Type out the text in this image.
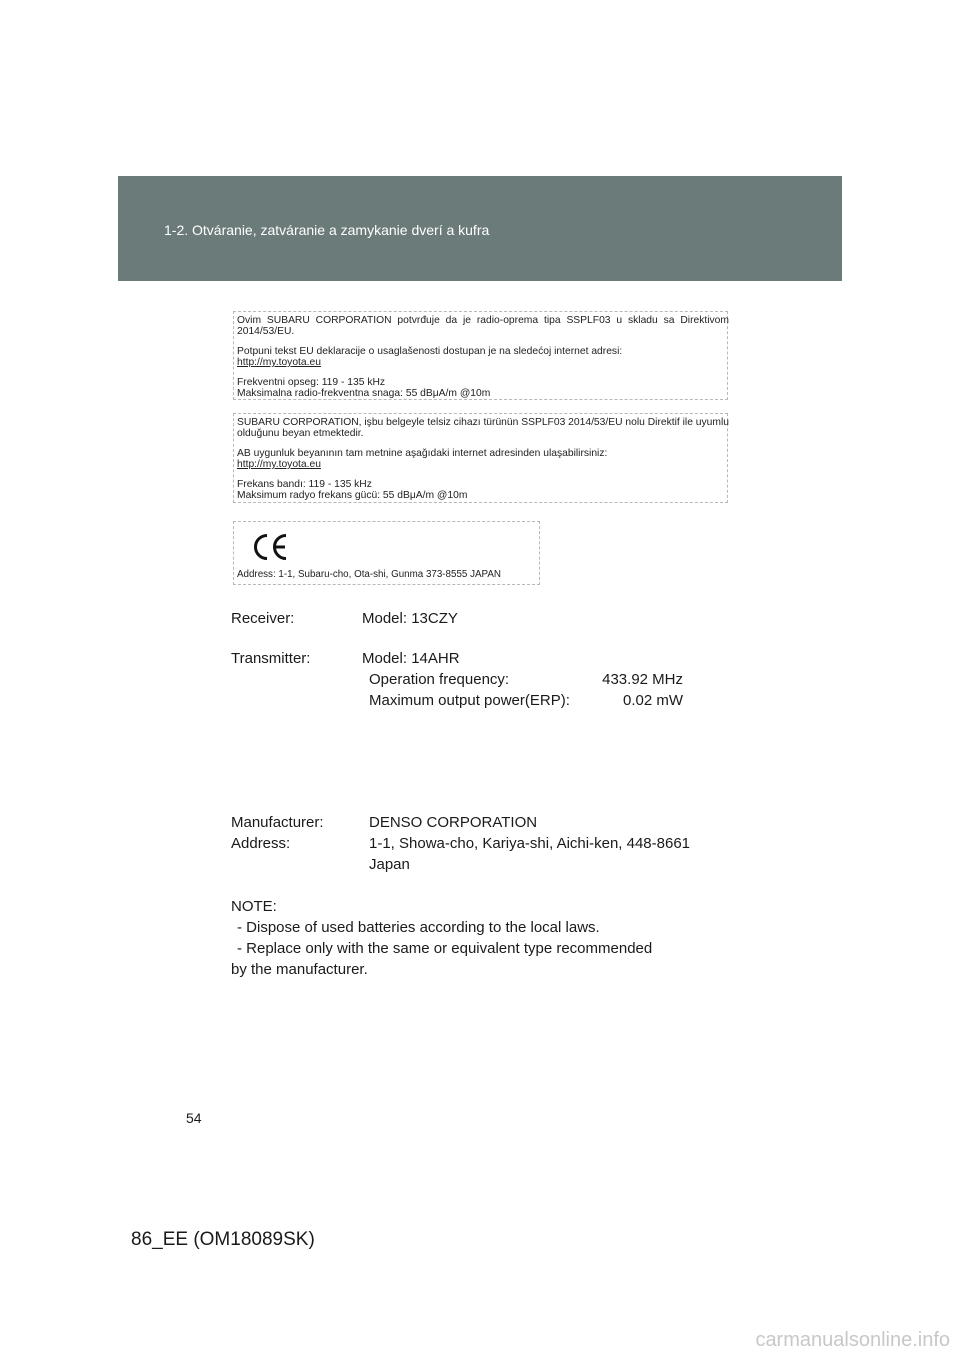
1-2. Otváranie, zatváranie a zamykanie dverí a kufra

Ovim SUBARU CORPORATION potvrđuje da je radio-oprema tipa SSPLF03 u skladu sa Direktivom 2014/53/EU.

Potpuni tekst EU deklaracije o usaglašenosti dostupan je na sledećoj internet adresi:

http://my.toyota.eu

Frekventni opseg: 119 - 135 kHz

Maksimalna radio-frekventna snaga: 55 dBμA/m @10m

SUBARU CORPORATION, işbu belgeyle telsiz cihazı türünün SSPLF03 2014/53/EU nolu Direktif ile uyumlu olduğunu beyan etmektedir.

AB uygunluk beyanının tam metnine aşağıdaki internet adresinden ulaşabilirsiniz:

http://my.toyota.eu

Frekans bandı: 119 - 135 kHz

Maksimum radyo frekans gücü: 55 dBμA/m @10m

Address: 1-1, Subaru-cho, Ota-shi, Gunma 373-8555 JAPAN
Receiver:	Model: 13CZY
Transmitter:	Model: 14AHR
Operation frequency:	433.92 MHz
Maximum output power(ERP):	0.02 mW
Manufacturer:	DENSO CORPORATION
Address:	1-1, Showa-cho, Kariya-shi, Aichi-ken, 448-8661
Japan
NOTE:
- Dispose of used batteries according to the local laws.
- Replace only with the same or equivalent type recommended
by the manufacturer.
54
86_EE (OM18089SK)
carmanualsonline.info
